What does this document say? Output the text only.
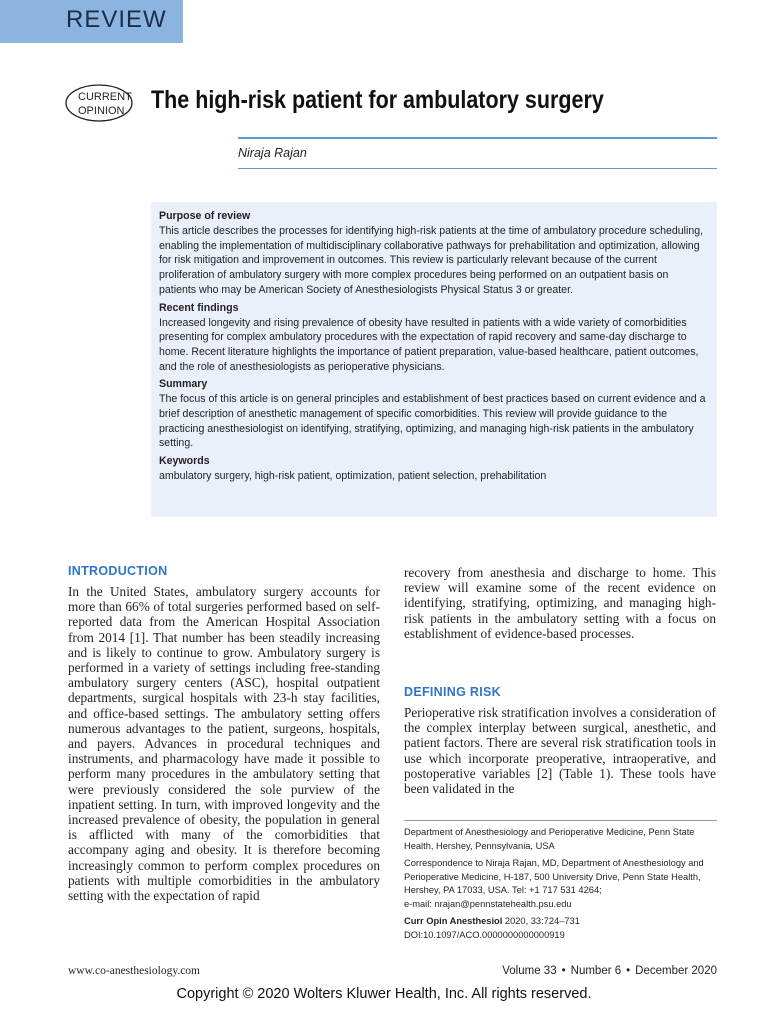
REVIEW
CURRENT
OPINION The high-risk patient for ambulatory surgery
Niraja Rajan
Purpose of review

This article describes the processes for identifying high-risk patients at the time of ambulatory procedure scheduling, enabling the implementation of multidisciplinary collaborative pathways for prehabilitation and optimization, allowing for risk mitigation and improvement in outcomes. This review is particularly relevant because of the current proliferation of ambulatory surgery with more complex procedures being performed on an outpatient basis on patients who may be American Society of Anesthesiologists Physical Status 3 or greater.

Recent findings

Increased longevity and rising prevalence of obesity have resulted in patients with a wide variety of comorbidities presenting for complex ambulatory procedures with the expectation of rapid recovery and same-day discharge to home. Recent literature highlights the importance of patient preparation, value-based healthcare, patient outcomes, and the role of anesthesiologists as perioperative physicians.

Summary

The focus of this article is on general principles and establishment of best practices based on current evidence and a brief description of anesthetic management of specific comorbidities. This review will provide guidance to the practicing anesthesiologist on identifying, stratifying, optimizing, and managing high-risk patients in the ambulatory setting.

Keywords

ambulatory surgery, high-risk patient, optimization, patient selection, prehabilitation

INTRODUCTION

In the United States, ambulatory surgery accounts for more than 66% of total surgeries performed based on self-reported data from the American Hospital Association from 2014 [1]. That number has been steadily increasing and is likely to continue to grow. Ambulatory surgery is performed in a variety of settings including free-standing ambulatory surgery centers (ASC), hospital outpatient departments, surgical hospitals with 23-h stay facilities, and office-based settings. The ambulatory setting offers numerous advantages to the patient, surgeons, hospitals, and payers. Advances in procedural techniques and instruments, and pharmacology have made it possible to perform many procedures in the ambulatory setting that were previously considered the sole purview of the inpatient setting. In turn, with improved longevity and the increased prevalence of obesity, the population in general is afflicted with many of the comorbidities that accompany aging and obesity. It is therefore becoming increasingly common to perform complex procedures on patients with multiple comorbidities in the ambulatory setting with the expectation of rapid

recovery from anesthesia and discharge to home. This review will examine some of the recent evidence on identifying, stratifying, optimizing, and managing high-risk patients in the ambulatory setting with a focus on establishment of evidence-based processes.

DEFINING RISK

Perioperative risk stratification involves a consideration of the complex interplay between surgical, anesthetic, and patient factors. There are several risk stratification tools in use which incorporate preoperative, intraoperative, and postoperative variables [2] (Table 1). These tools have been validated in the

Department of Anesthesiology and Perioperative Medicine, Penn State Health, Hershey, Pennsylvania, USA

Correspondence to Niraja Rajan, MD, Department of Anesthesiology and Perioperative Medicine, H-187, 500 University Drive, Penn State Health, Hershey, PA 17033, USA. Tel: +1 717 531 4264;

e-mail: nrajan@pennstatehealth.psu.edu

Curr Opin Anesthesiol 2020, 33:724–731

DOI:10.1097/ACO.0000000000000919

www.co-anesthesiology.com	Volume 33 • Number 6 • December 2020
Copyright © 2020 Wolters Kluwer Health, Inc. All rights reserved.
